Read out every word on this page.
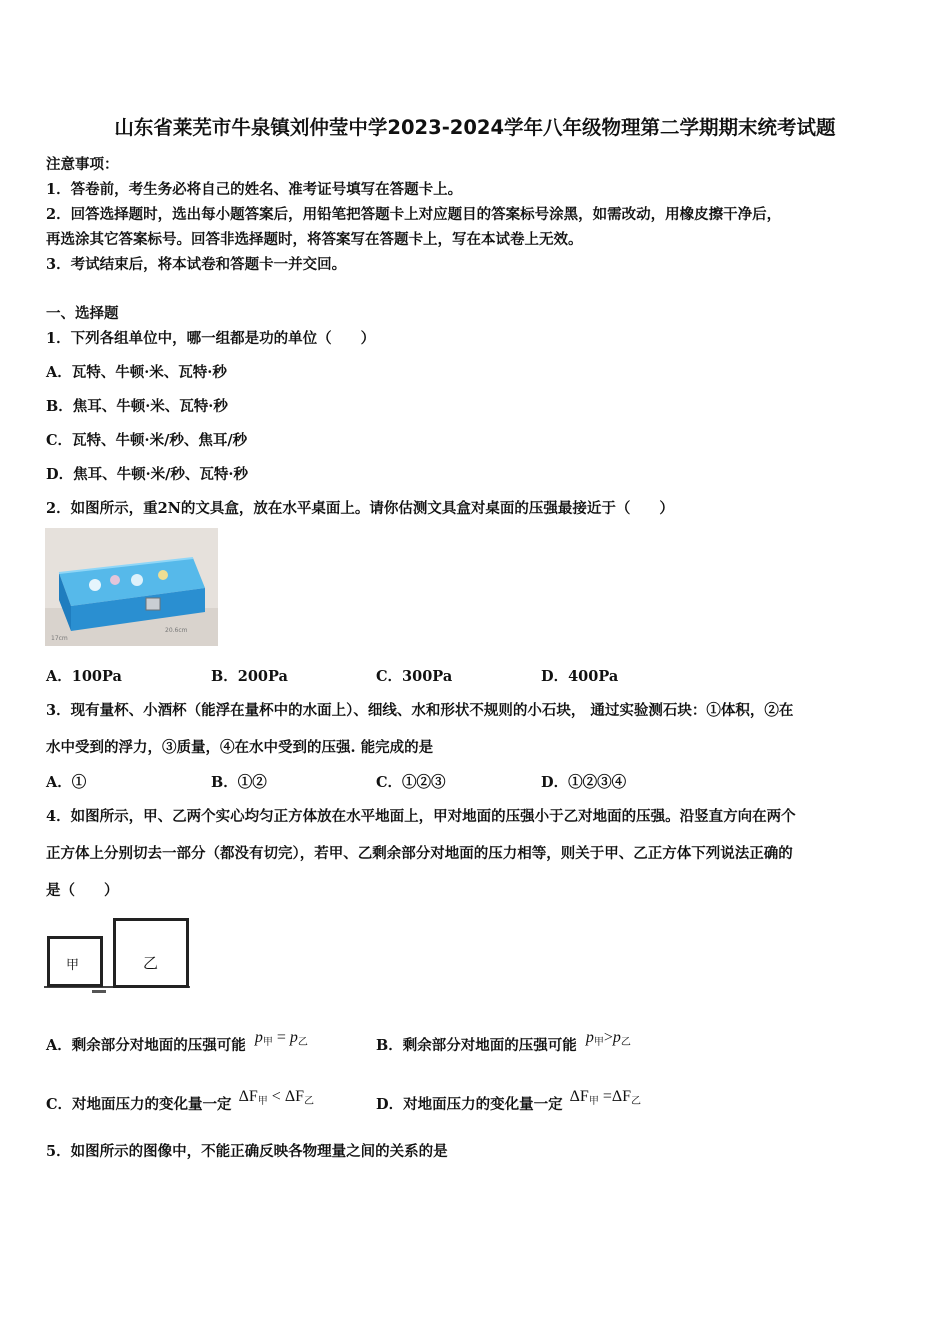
山东省莱芜市牛泉镇刘仲莹中学2023-2024学年八年级物理第二学期期末统考试题
注意事项：
1．答卷前，考生务必将自己的姓名、准考证号填写在答题卡上。
2．回答选择题时，选出每小题答案后，用铅笔把答题卡上对应题目的答案标号涂黑，如需改动，用橡皮擦干净后，
再选涂其它答案标号。回答非选择题时，将答案写在答题卡上，写在本试卷上无效。
3．考试结束后，将本试卷和答题卡一并交回。
一、选择题
1．下列各组单位中，哪一组都是功的单位（　　）
A．瓦特、牛顿·米、瓦特·秒
B．焦耳、牛顿·米、瓦特·秒
C．瓦特、牛顿·米/秒、焦耳/秒
D．焦耳、牛顿·米/秒、瓦特·秒
2．如图所示，重2N的文具盒，放在水平桌面上。请你估测文具盒对桌面的压强最接近于（　　）
17cm
20.6cm
A．100Pa	B．200Pa	C．300Pa	D．400Pa
3．现有量杯、小酒杯（能浮在量杯中的水面上）、细线、水和形状不规则的小石块， 通过实验测石块：①体积，②在
水中受到的浮力，③质量，④在水中受到的压强. 能完成的是
A．①	B．①②	C．①②③	D．①②③④
4．如图所示，甲、乙两个实心均匀正方体放在水平地面上，甲对地面的压强小于乙对地面的压强。沿竖直方向在两个
正方体上分别切去一部分（都没有切完），若甲、乙剩余部分对地面的压力相等，则关于甲、乙正方体下列说法正确的
是（　　）
甲	乙
A．剩余部分对地面的压强可能 $p_甲 = p_乙$	B．剩余部分对地面的压强可能 $p_甲>p_乙$
C．对地面压力的变化量一定 $\Delta F_甲 < \Delta F_乙$	D．对地面压力的变化量一定 $\Delta F_甲 =\Delta F_乙$
5．如图所示的图像中，不能正确反映各物理量之间的关系的是
